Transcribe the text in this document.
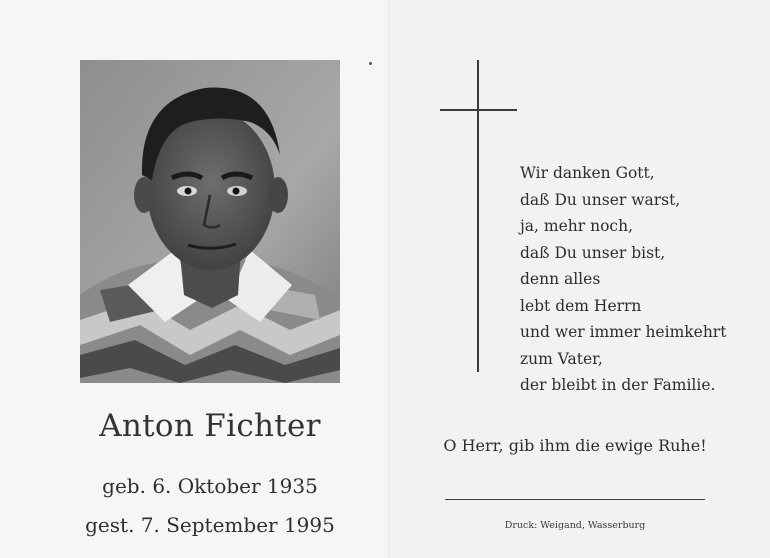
Anton Fichter
geb. 6. Oktober 1935
gest. 7. September 1995
Wir danken Gott,
daß Du unser warst,
ja, mehr noch,
daß Du unser bist,
denn alles
lebt dem Herrn
und wer immer heimkehrt
zum Vater,
der bleibt in der Familie.
O Herr, gib ihm die ewige Ruhe!
Druck: Weigand, Wasserburg
